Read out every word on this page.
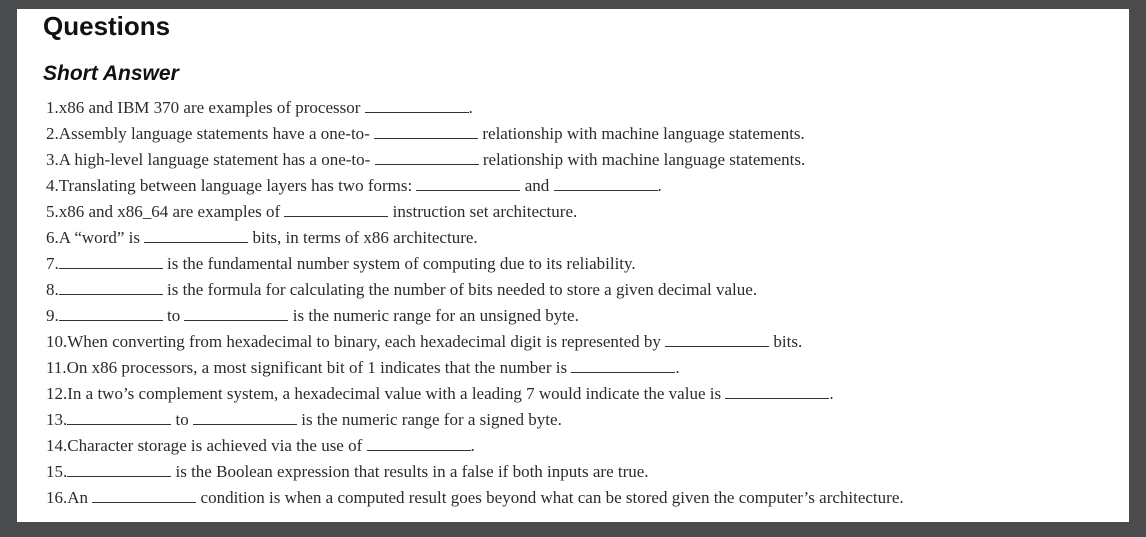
Questions
Short Answer
1.x86 and IBM 370 are examples of processor	.
2.Assembly language statements have a one-to-	relationship with machine language statements.
3.A high-level language statement has a one-to-	relationship with machine language statements.
4.Translating between language layers has two forms:	and	.
5.x86 and x86_64 are examples of	instruction set architecture.
6.A “word” is	bits, in terms of x86 architecture.
7.	is the fundamental number system of computing due to its reliability.
8.	is the formula for calculating the number of bits needed to store a given decimal value.
9.	to	is the numeric range for an unsigned byte.
10.When converting from hexadecimal to binary, each hexadecimal digit is represented by	bits.
11.On x86 processors, a most significant bit of 1 indicates that the number is	.
12.In a two’s complement system, a hexadecimal value with a leading 7 would indicate the value is	.
13.	to	is the numeric range for a signed byte.
14.Character storage is achieved via the use of	.
15.	is the Boolean expression that results in a false if both inputs are true.
16.An	condition is when a computed result goes beyond what can be stored given the computer’s architecture.
